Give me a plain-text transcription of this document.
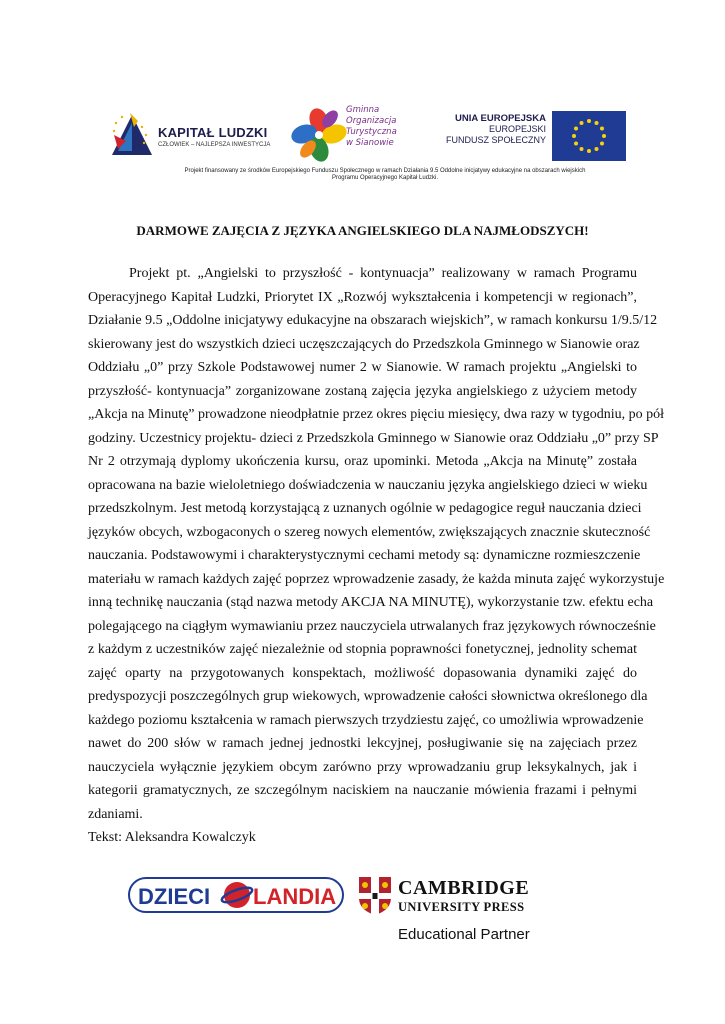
KAPITAŁ LUDZKI
CZŁOWIEK – NAJLEPSZA INWESTYCJA
Gminna
Organizacja
Turystyczna
w Sianowie
UNIA EUROPEJSKA
EUROPEJSKI
FUNDUSZ SPOŁECZNY
Projekt finansowany ze środków Europejskiego Funduszu Społecznego w ramach Działania 9.5 Oddolne inicjatywy edukacyjne na obszarach wiejskich
Programu Operacyjnego Kapitał Ludzki.
DARMOWE ZAJĘCIA Z JĘZYKA ANGIELSKIEGO DLA NAJMŁODSZYCH!
Projekt pt. „Angielski to przyszłość - kontynuacja” realizowany w ramach Programu
Operacyjnego Kapitał Ludzki, Priorytet IX „Rozwój wykształcenia i kompetencji w regionach”,
Działanie 9.5 „Oddolne inicjatywy edukacyjne na obszarach wiejskich”, w ramach konkursu 1/9.5/12
skierowany jest do wszystkich dzieci uczęszczających do Przedszkola Gminnego w Sianowie oraz
Oddziału „0” przy Szkole Podstawowej numer 2 w Sianowie. W ramach projektu „Angielski to
przyszłość- kontynuacja” zorganizowane zostaną zajęcia języka angielskiego z użyciem metody
„Akcja na Minutę” prowadzone nieodpłatnie przez okres pięciu miesięcy, dwa razy w tygodniu, po pół
godziny. Uczestnicy projektu- dzieci z Przedszkola Gminnego w Sianowie oraz Oddziału „0” przy SP
Nr 2 otrzymają dyplomy ukończenia kursu, oraz upominki. Metoda „Akcja na Minutę” została
opracowana na bazie wieloletniego doświadczenia w nauczaniu języka angielskiego dzieci w wieku
przedszkolnym. Jest metodą korzystającą z uznanych ogólnie w pedagogice reguł nauczania dzieci
języków obcych, wzbogaconych o szereg nowych elementów, zwiększających znacznie skuteczność
nauczania. Podstawowymi i charakterystycznymi cechami metody są: dynamiczne rozmieszczenie
materiału w ramach każdych zajęć poprzez wprowadzenie zasady, że każda minuta zajęć wykorzystuje
inną technikę nauczania (stąd nazwa metody AKCJA NA MINUTĘ), wykorzystanie tzw. efektu echa
polegającego na ciągłym wymawianiu przez nauczyciela utrwalanych fraz językowych równocześnie
z każdym z uczestników zajęć niezależnie od stopnia poprawności fonetycznej, jednolity schemat
zajęć oparty na przygotowanych konspektach, możliwość dopasowania dynamiki zajęć do
predyspozycji poszczególnych grup wiekowych, wprowadzenie całości słownictwa określonego dla
każdego poziomu kształcenia w ramach pierwszych trzydziestu zajęć, co umożliwia wprowadzenie
nawet do 200 słów w ramach jednej jednostki lekcyjnej, posługiwanie się na zajęciach przez
nauczyciela wyłącznie językiem obcym zarówno przy wprowadzaniu grup leksykalnych, jak i
kategorii gramatycznych, ze szczególnym naciskiem na nauczanie mówienia frazami i pełnymi
zdaniami.
Tekst: Aleksandra Kowalczyk
DZIECI LANDIA	CAMBRIDGE
UNIVERSITY PRESS
Educational Partner
